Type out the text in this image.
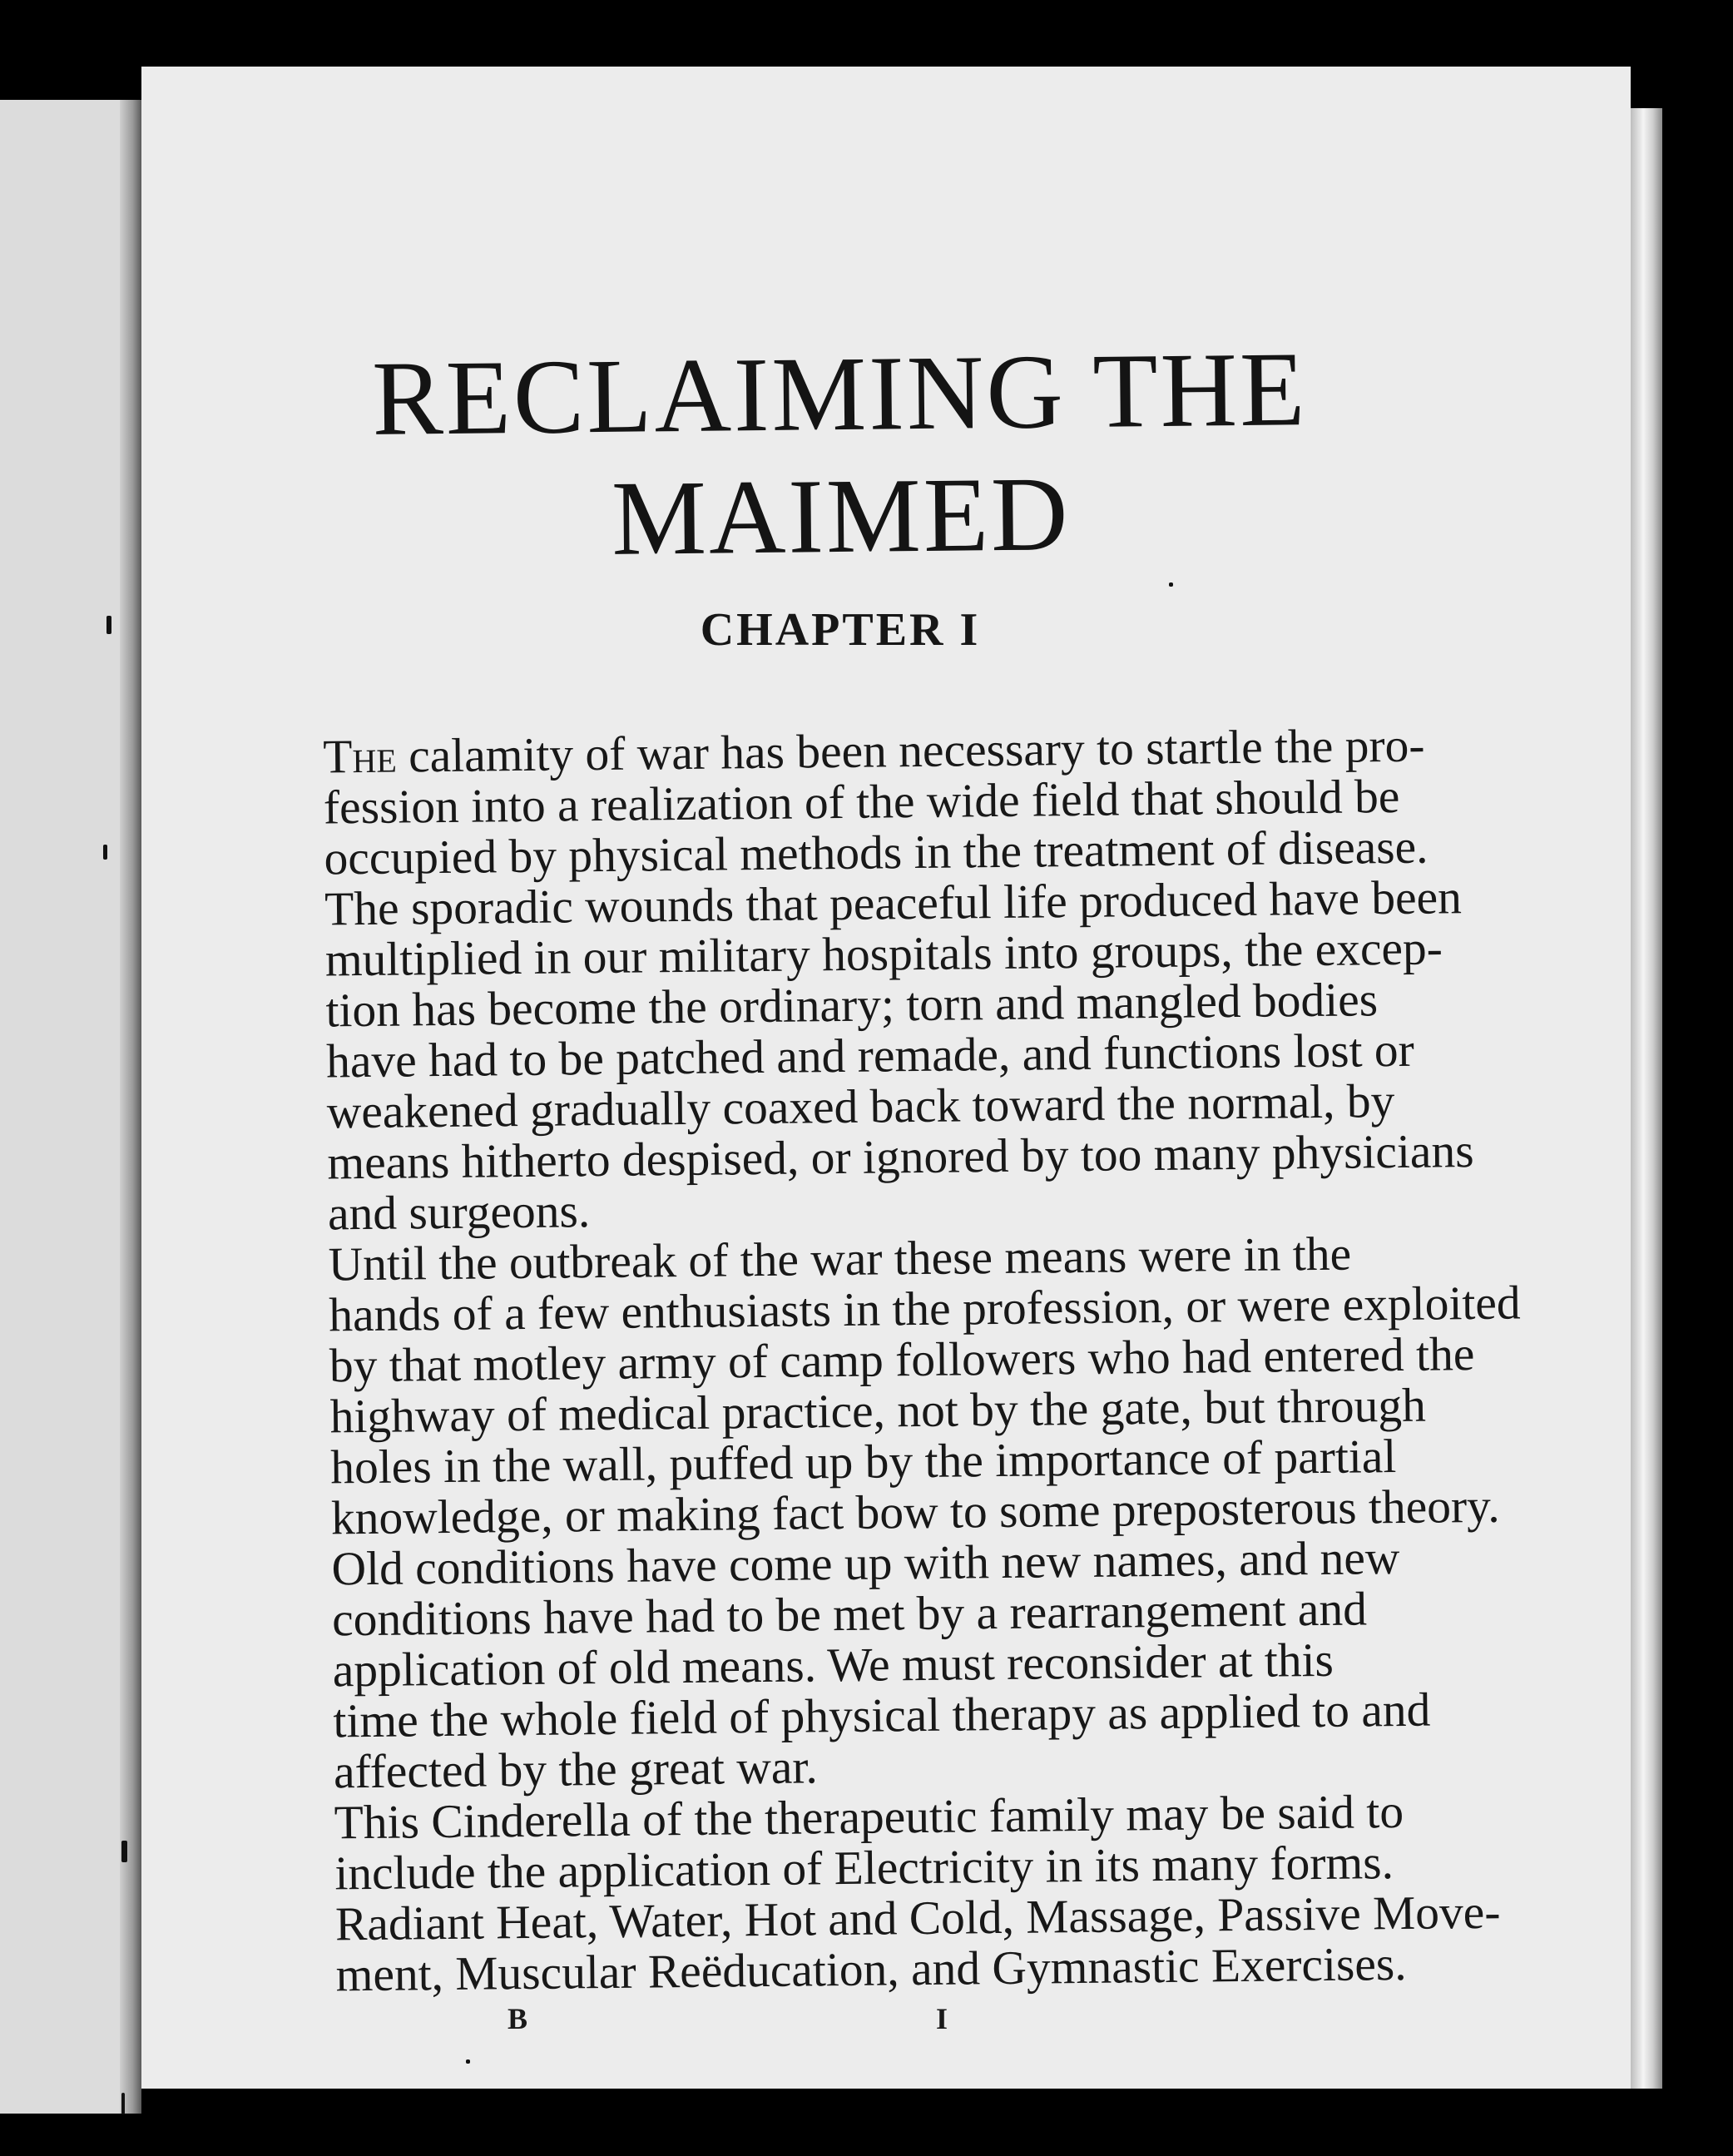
RECLAIMING THE MAIMED
CHAPTER I

The calamity of war has been necessary to startle the pro-
fession into a realization of the wide field that should be
occupied by physical methods in the treatment of disease.
The sporadic wounds that peaceful life produced have been
multiplied in our military hospitals into groups, the excep-
tion has become the ordinary; torn and mangled bodies
have had to be patched and remade, and functions lost or
weakened gradually coaxed back toward the normal, by
means hitherto despised, or ignored by too many physicians
and surgeons.

Until the outbreak of the war these means were in the
hands of a few enthusiasts in the profession, or were exploited
by that motley army of camp followers who had entered the
highway of medical practice, not by the gate, but through
holes in the wall, puffed up by the importance of partial
knowledge, or making fact bow to some preposterous theory.

Old conditions have come up with new names, and new
conditions have had to be met by a rearrangement and
application of old means. We must reconsider at this
time the whole field of physical therapy as applied to and
affected by the great war.

This Cinderella of the therapeutic family may be said to
include the application of Electricity in its many forms.
Radiant Heat, Water, Hot and Cold, Massage, Passive Move-
ment, Muscular Reëducation, and Gymnastic Exercises.

B	I
